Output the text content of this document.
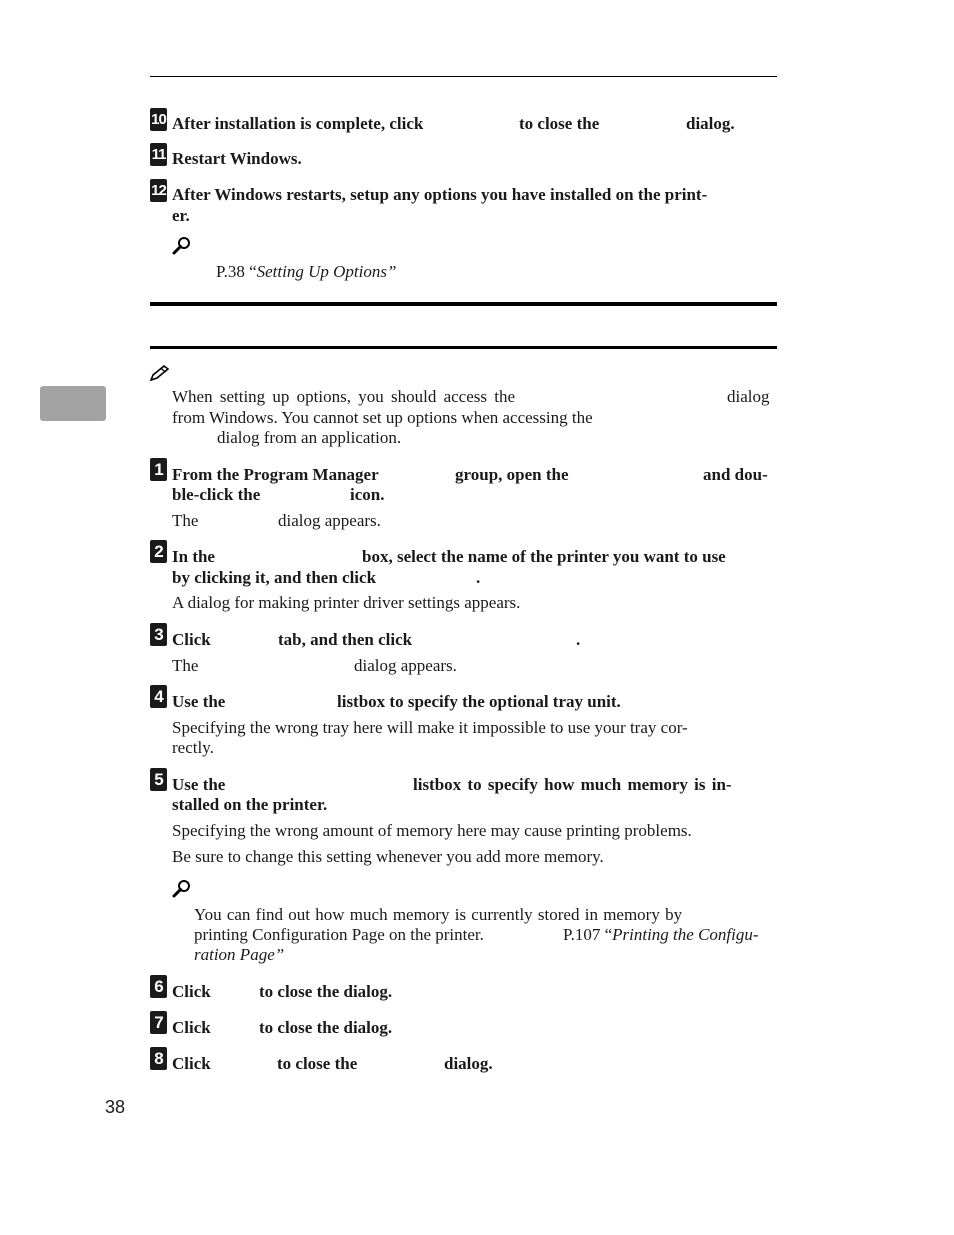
10 After installation is complete, click	to close the	dialog.
11 Restart Windows.
12 After Windows restarts, setup any options you have installed on the print-
er.
P.38 “Setting Up Options”
When setting up options, you should access the	dialog
from Windows. You cannot set up options when accessing the
dialog from an application.
1 From the Program Manager	group, open the	and dou-
ble-click the	icon.
The	dialog appears.
2 In the	box, select the name of the printer you want to use
by clicking it, and then click	.
A dialog for making printer driver settings appears.
3 Click	tab, and then click	.
The	dialog appears.
4 Use the	listbox to specify the optional tray unit.
Specifying the wrong tray here will make it impossible to use your tray cor-
rectly.
5 Use the	listbox to specify how much memory is in-
stalled on the printer.
Specifying the wrong amount of memory here may cause printing problems.
Be sure to change this setting whenever you add more memory.
You can find out how much memory is currently stored in memory by
printing Configuration Page on the printer.	P.107 “Printing the Configu-
ration Page”
6 Click	to close the dialog.
7 Click	to close the dialog.
8 Click	to close the	dialog.
38
